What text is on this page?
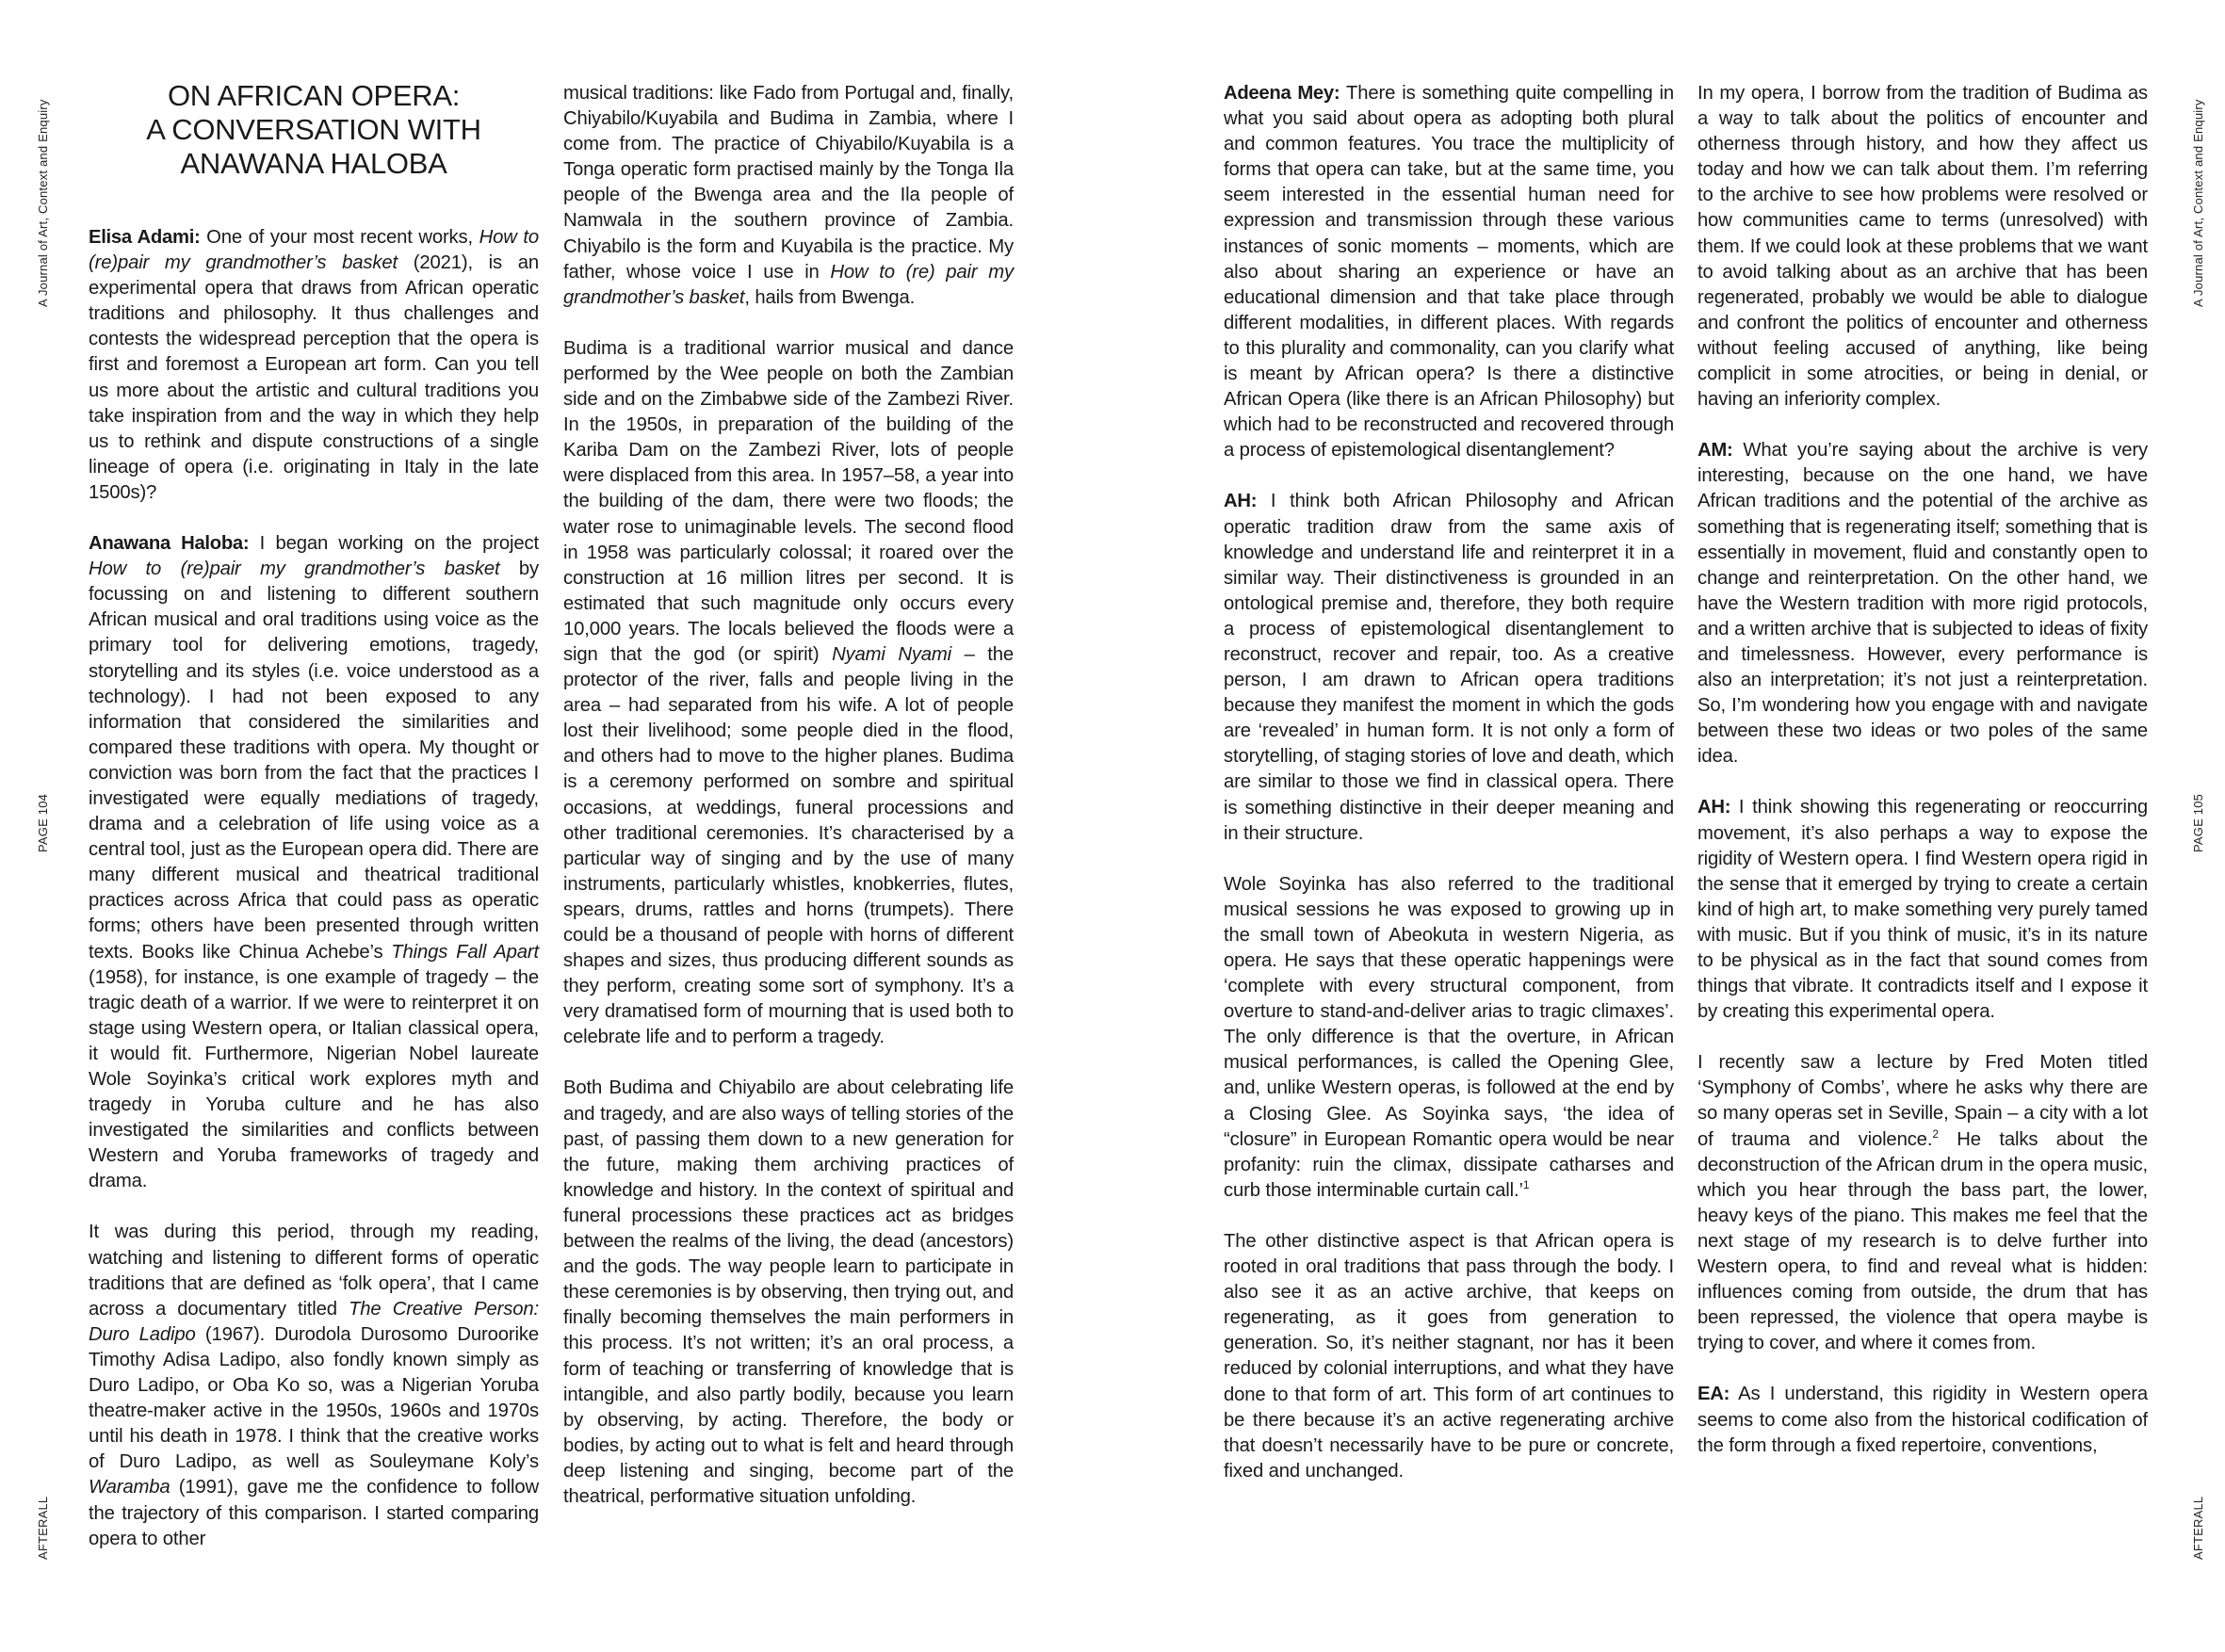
A Journal of Art, Context and Enquiry
PAGE 104
AFTERALL
A Journal of Art, Context and Enquiry
PAGE 105
AFTERALL
ON AFRICAN OPERA:
A CONVERSATION WITH
ANAWANA HALOBA

Elisa Adami: One of your most recent works, How to (re)pair my grandmother’s basket (2021), is an experimental opera that draws from African operatic traditions and philosophy. It thus challenges and contests the widespread perception that the opera is first and foremost a European art form. Can you tell us more about the artistic and cultural traditions you take inspiration from and the way in which they help us to rethink and dispute constructions of a single lineage of opera (i.e. originating in Italy in the late 1500s)?

Anawana Haloba: I began working on the project How to (re)pair my grandmother’s basket by focussing on and listening to different southern African musical and oral traditions using voice as the primary tool for delivering emotions, tragedy, storytelling and its styles (i.e. voice understood as a technology). I had not been exposed to any information that considered the similarities and compared these traditions with opera. My thought or conviction was born from the fact that the practices I investigated were equally mediations of tragedy, drama and a celebration of life using voice as a central tool, just as the European opera did. There are many different musical and theatrical traditional practices across Africa that could pass as operatic forms; others have been presented through written texts. Books like Chinua Achebe’s Things Fall Apart (1958), for instance, is one example of tragedy – the tragic death of a warrior. If we were to reinterpret it on stage using Western opera, or Italian classical opera, it would fit. Furthermore, Nigerian Nobel laureate Wole Soyinka’s critical work explores myth and tragedy in Yoruba culture and he has also investigated the similarities and conflicts between Western and Yoruba frameworks of tragedy and drama.

It was during this period, through my reading, watching and listening to different forms of operatic traditions that are defined as ‘folk opera’, that I came across a documentary titled The Creative Person: Duro Ladipo (1967). Durodola Durosomo Duroorike Timothy Adisa Ladipo, also fondly known simply as Duro Ladipo, or Oba Ko so, was a Nigerian Yoruba theatre-maker active in the 1950s, 1960s and 1970s until his death in 1978. I think that the creative works of Duro Ladipo, as well as Souleymane Koly’s Waramba (1991), gave me the confidence to follow the trajectory of this comparison. I started comparing opera to other

musical traditions: like Fado from Portugal and, finally, Chiyabilo/Kuyabila and Budima in Zambia, where I come from. The practice of Chiyabilo/Kuyabila is a Tonga operatic form practised mainly by the Tonga Ila people of the Bwenga area and the Ila people of Namwala in the southern province of Zambia. Chiyabilo is the form and Kuyabila is the practice. My father, whose voice I use in How to (re) pair my grandmother’s basket, hails from Bwenga.

Budima is a traditional warrior musical and dance performed by the Wee people on both the Zambian side and on the Zimbabwe side of the Zambezi River. In the 1950s, in preparation of the building of the Kariba Dam on the Zambezi River, lots of people were displaced from this area. In 1957–58, a year into the building of the dam, there were two floods; the water rose to unimaginable levels. The second flood in 1958 was particularly colossal; it roared over the construction at 16 million litres per second. It is estimated that such magnitude only occurs every 10,000 years. The locals believed the floods were a sign that the god (or spirit) Nyami Nyami – the protector of the river, falls and people living in the area – had separated from his wife. A lot of people lost their livelihood; some people died in the flood, and others had to move to the higher planes. Budima is a ceremony performed on sombre and spiritual occasions, at weddings, funeral processions and other traditional ceremonies. It’s characterised by a particular way of singing and by the use of many instruments, particularly whistles, knobkerries, flutes, spears, drums, rattles and horns (trumpets). There could be a thousand of people with horns of different shapes and sizes, thus producing different sounds as they perform, creating some sort of symphony. It’s a very dramatised form of mourning that is used both to celebrate life and to perform a tragedy.

Both Budima and Chiyabilo are about celebrating life and tragedy, and are also ways of telling stories of the past, of passing them down to a new generation for the future, making them archiving practices of knowledge and history. In the context of spiritual and funeral processions these practices act as bridges between the realms of the living, the dead (ancestors) and the gods. The way people learn to participate in these ceremonies is by observing, then trying out, and finally becoming themselves the main performers in this process. It’s not written; it’s an oral process, a form of teaching or transferring of knowledge that is intangible, and also partly bodily, because you learn by observing, by acting. Therefore, the body or bodies, by acting out to what is felt and heard through deep listening and singing, become part of the theatrical, performative situation unfolding.

Adeena Mey: There is something quite compelling in what you said about opera as adopting both plural and common features. You trace the multiplicity of forms that opera can take, but at the same time, you seem interested in the essential human need for expression and transmission through these various instances of sonic moments – moments, which are also about sharing an experience or have an educational dimension and that take place through different modalities, in different places. With regards to this plurality and commonality, can you clarify what is meant by African opera? Is there a distinctive African Opera (like there is an African Philosophy) but which had to be reconstructed and recovered through a process of epistemological disentanglement?

AH: I think both African Philosophy and African operatic tradition draw from the same axis of knowledge and understand life and reinterpret it in a similar way. Their distinctiveness is grounded in an ontological premise and, therefore, they both require a process of epistemological disentanglement to reconstruct, recover and repair, too. As a creative person, I am drawn to African opera traditions because they manifest the moment in which the gods are ‘revealed’ in human form. It is not only a form of storytelling, of staging stories of love and death, which are similar to those we find in classical opera. There is something distinctive in their deeper meaning and in their structure.

Wole Soyinka has also referred to the traditional musical sessions he was exposed to growing up in the small town of Abeokuta in western Nigeria, as opera. He says that these operatic happenings were ‘complete with every structural component, from overture to stand-and-deliver arias to tragic climaxes’. The only difference is that the overture, in African musical performances, is called the Opening Glee, and, unlike Western operas, is followed at the end by a Closing Glee. As Soyinka says, ‘the idea of “closure” in European Romantic opera would be near profanity: ruin the climax, dissipate catharses and curb those interminable curtain call.’$^1$

The other distinctive aspect is that African opera is rooted in oral traditions that pass through the body. I also see it as an active archive, that keeps on regenerating, as it goes from generation to generation. So, it’s neither stagnant, nor has it been reduced by colonial interruptions, and what they have done to that form of art. This form of art continues to be there because it’s an active regenerating archive that doesn’t necessarily have to be pure or concrete, fixed and unchanged.

In my opera, I borrow from the tradition of Budima as a way to talk about the politics of encounter and otherness through history, and how they affect us today and how we can talk about them. I’m referring to the archive to see how problems were resolved or how communities came to terms (unresolved) with them. If we could look at these problems that we want to avoid talking about as an archive that has been regenerated, probably we would be able to dialogue and confront the politics of encounter and otherness without feeling accused of anything, like being complicit in some atrocities, or being in denial, or having an inferiority complex.

AM: What you’re saying about the archive is very interesting, because on the one hand, we have African traditions and the potential of the archive as something that is regenerating itself; something that is essentially in movement, fluid and constantly open to change and reinterpretation. On the other hand, we have the Western tradition with more rigid protocols, and a written archive that is subjected to ideas of fixity and timelessness. However, every performance is also an interpretation; it’s not just a reinterpretation. So, I’m wondering how you engage with and navigate between these two ideas or two poles of the same idea.

AH: I think showing this regenerating or reoccurring movement, it’s also perhaps a way to expose the rigidity of Western opera. I find Western opera rigid in the sense that it emerged by trying to create a certain kind of high art, to make something very purely tamed with music. But if you think of music, it’s in its nature to be physical as in the fact that sound comes from things that vibrate. It contradicts itself and I expose it by creating this experimental opera.

I recently saw a lecture by Fred Moten titled ‘Symphony of Combs’, where he asks why there are so many operas set in Seville, Spain – a city with a lot of trauma and violence.$^2$ He talks about the deconstruction of the African drum in the opera music, which you hear through the bass part, the lower, heavy keys of the piano. This makes me feel that the next stage of my research is to delve further into Western opera, to find and reveal what is hidden: influences coming from outside, the drum that has been repressed, the violence that opera maybe is trying to cover, and where it comes from.

EA: As I understand, this rigidity in Western opera seems to come also from the historical codification of the form through a fixed repertoire, conventions,
